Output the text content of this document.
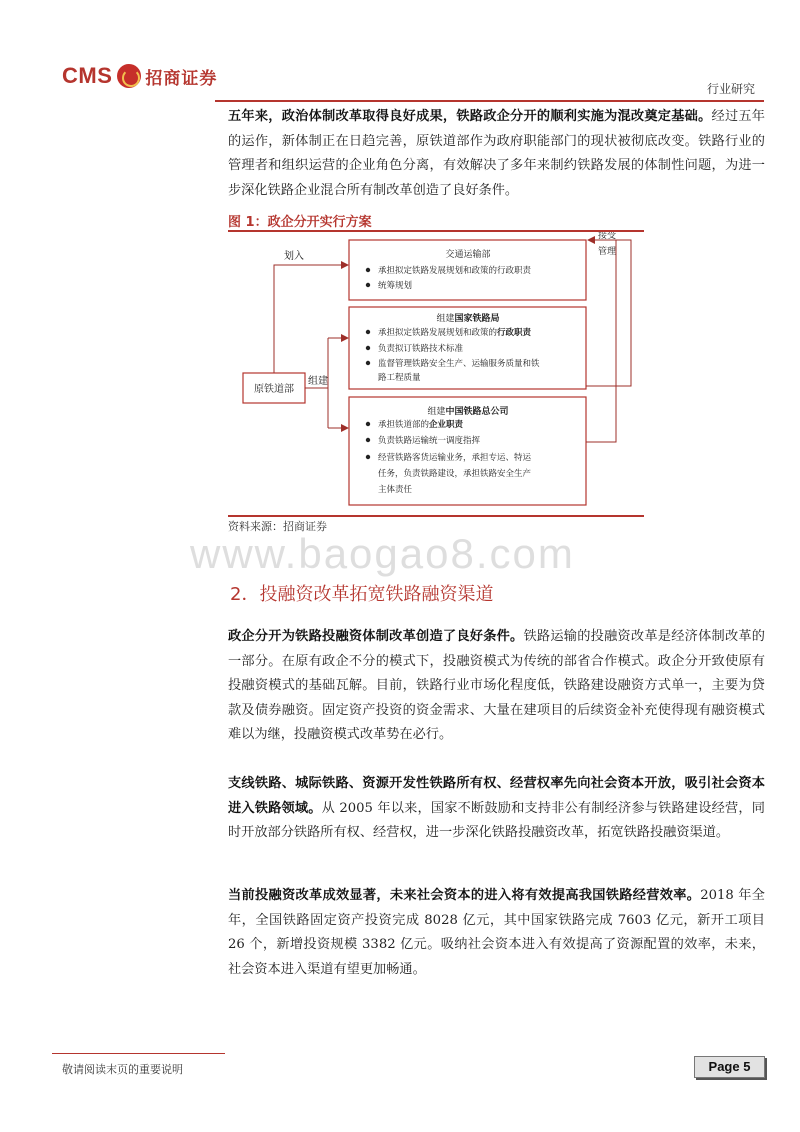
CMS 招商证券
行业研究
五年来，政治体制改革取得良好成果，铁路政企分开的顺利实施为混改奠定基础。经过五年的运作，新体制正在日趋完善，原铁道部作为政府职能部门的现状被彻底改变。铁路行业的管理者和组织运营的企业角色分离，有效解决了多年来制约铁路发展的体制性问题，为进一步深化铁路企业混合所有制改革创造了良好条件。
图 1：政企分开实行方案
原铁道部
划入
组建
交通运输部
承担拟定铁路发展规划和政策的行政职责
统筹规划
组建国家铁路局
承担拟定铁路发展规划和政策的行政职责
负责拟订铁路技术标准
监督管理铁路安全生产、运输服务质量和铁
路工程质量
组建中国铁路总公司
承担铁道部的企业职责
负责铁路运输统一调度指挥
经营铁路客货运输业务，承担专运、特运
任务，负责铁路建设，承担铁路安全生产
主体责任
接受
管理
资料来源：招商证券
www.baogao8.com
2．投融资改革拓宽铁路融资渠道
政企分开为铁路投融资体制改革创造了良好条件。铁路运输的投融资改革是经济体制改革的一部分。在原有政企不分的模式下，投融资模式为传统的部省合作模式。政企分开致使原有投融资模式的基础瓦解。目前，铁路行业市场化程度低，铁路建设融资方式单一，主要为贷款及债券融资。固定资产投资的资金需求、大量在建项目的后续资金补充使得现有融资模式难以为继，投融资模式改革势在必行。
支线铁路、城际铁路、资源开发性铁路所有权、经营权率先向社会资本开放，吸引社会资本进入铁路领域。从 2005 年以来，国家不断鼓励和支持非公有制经济参与铁路建设经营，同时开放部分铁路所有权、经营权，进一步深化铁路投融资改革，拓宽铁路投融资渠道。
当前投融资改革成效显著，未来社会资本的进入将有效提高我国铁路经营效率。2018 年全年，全国铁路固定资产投资完成 8028 亿元，其中国家铁路完成 7603 亿元，新开工项目 26 个，新增投资规模 3382 亿元。吸纳社会资本进入有效提高了资源配置的效率，未来，社会资本进入渠道有望更加畅通。
敬请阅读末页的重要说明	Page 5
